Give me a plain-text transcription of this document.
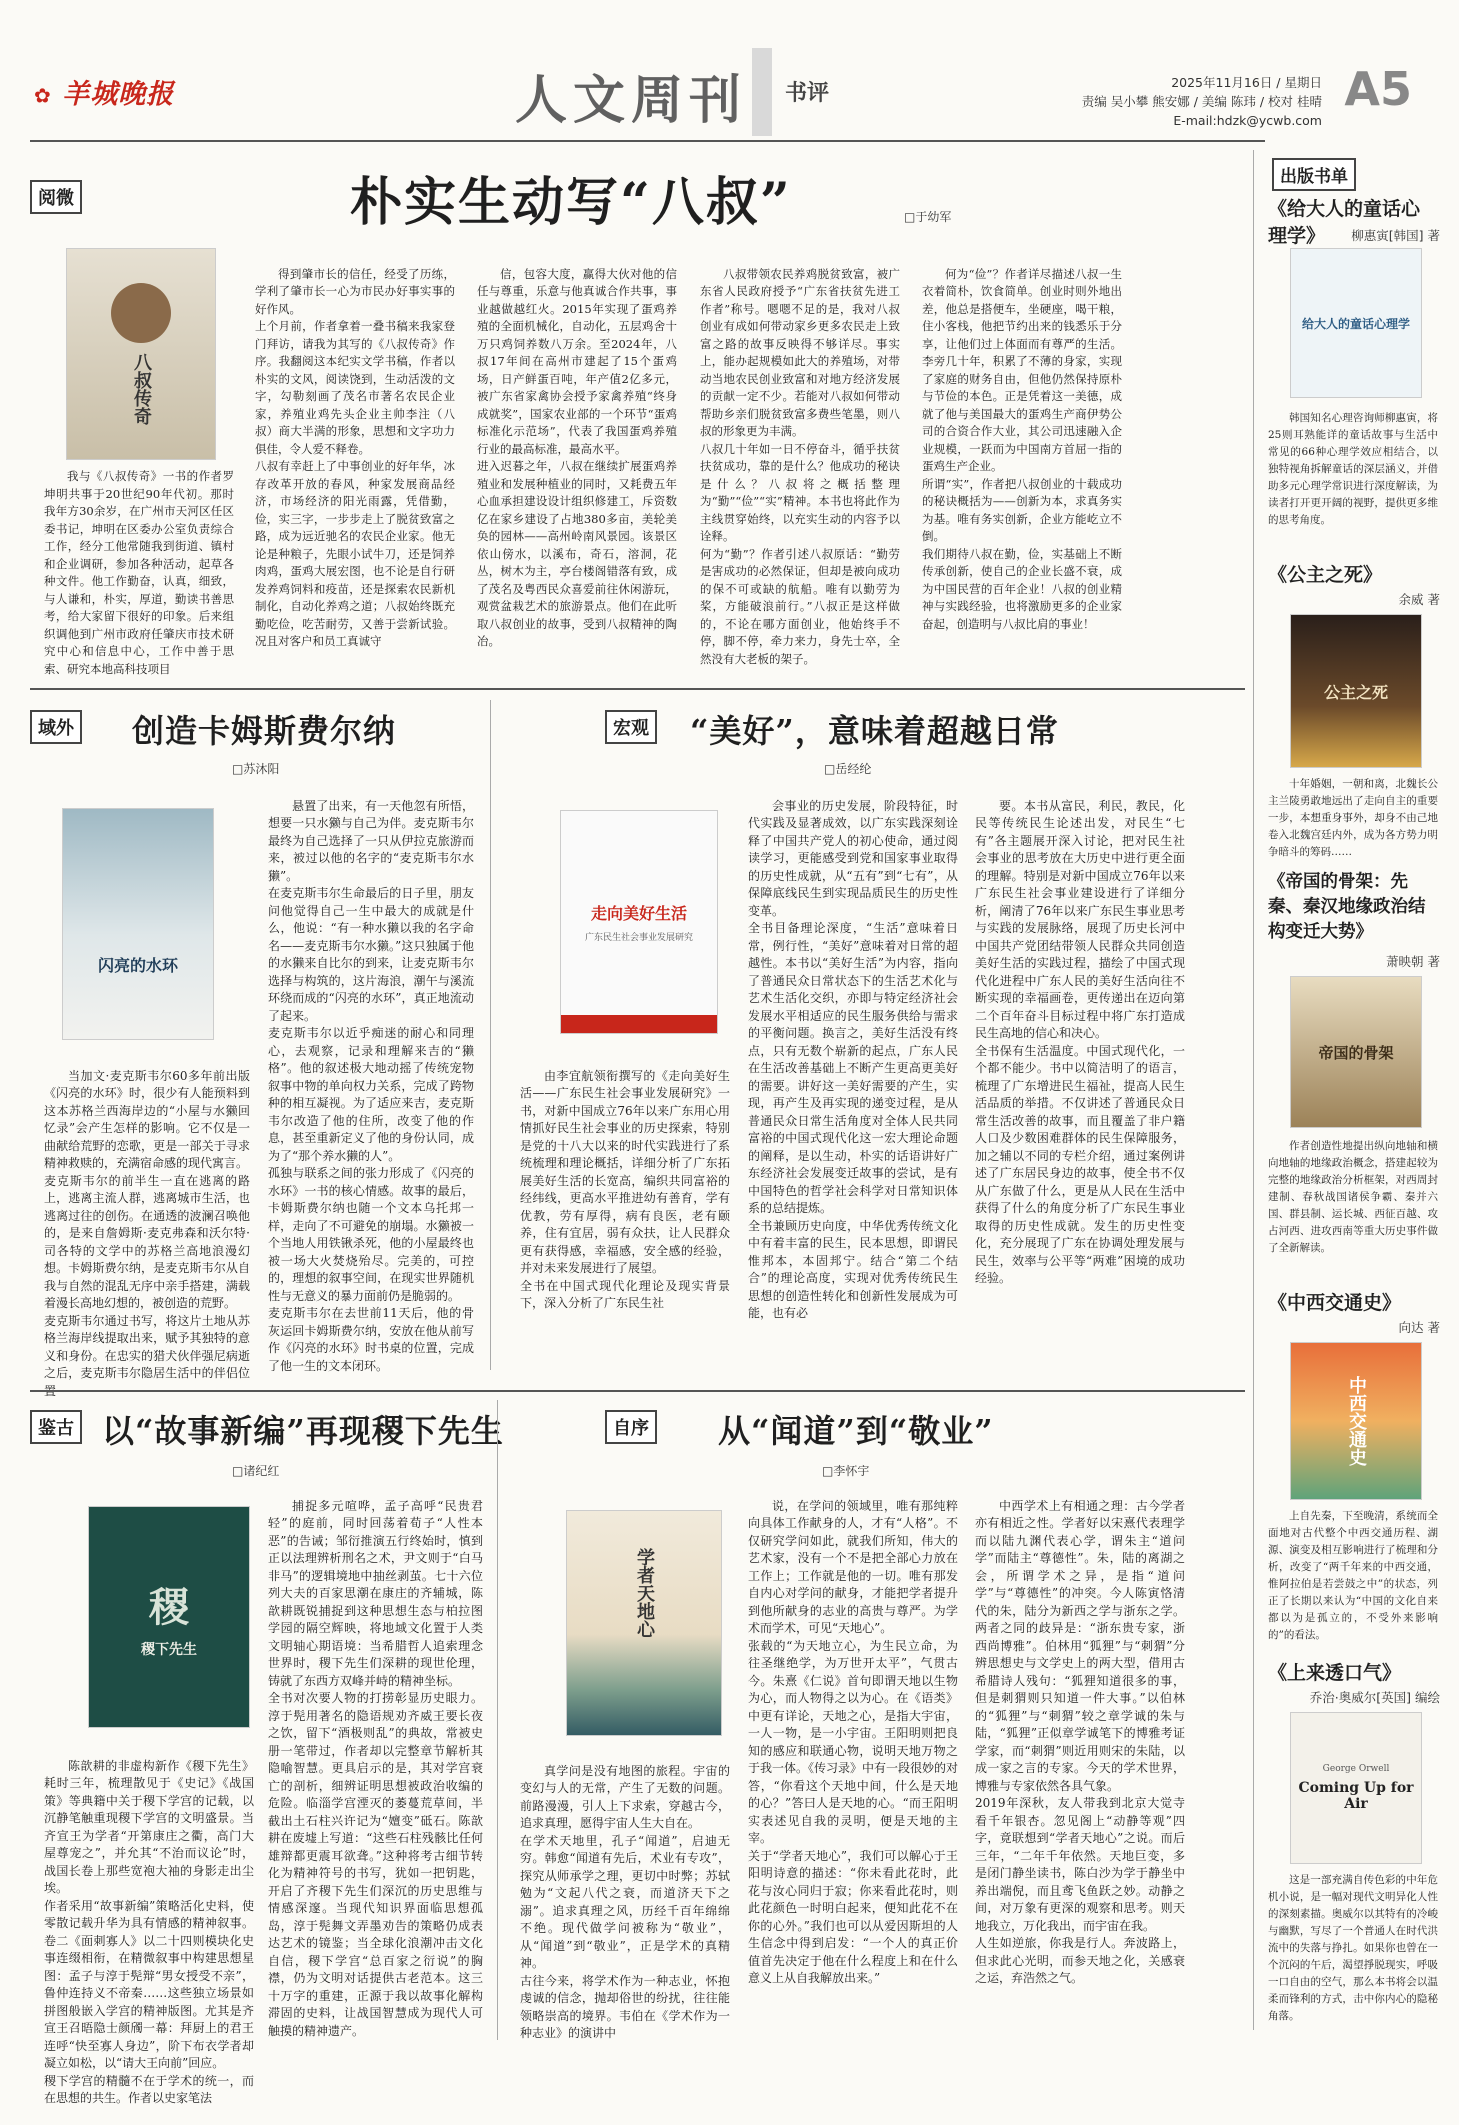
✿ 羊城晚报	人文周刊 书评	2025年11月16日 / 星期日
责编 吴小攀 熊安娜 / 美编 陈玮 / 校对 桂晴
E-mail:hdzk@ycwb.com
A5
阅微	朴实生动写“八叔”	□于幼军
八叔传奇

我与《八叔传奇》一书的作者罗坤明共事于20世纪90年代初。那时我年方30余岁，在广州市天河区任区委书记，坤明在区委办公室负责综合工作，经分工他常随我到街道、镇村和企业调研，参加各种活动，起草各种文件。他工作勤奋，认真，细致，与人谦和，朴实，厚道，勤读书善思考，给大家留下很好的印象。后来组织调他到广州市政府任肇庆市技术研究中心和信息中心，工作中善于思索、研究本地高科技项目

得到肇市长的信任，经受了历练，学利了肇市长一心为市民办好事实事的好作风。
上个月前，作者拿着一叠书稿来我家登门拜访，请我为其写的《八叔传奇》作序。我翻阅这本纪实文学书稿，作者以朴实的文风，阅读饶到，生动活泼的文字，勾勒刻画了茂名市著名农民企业家，养殖业鸡先头企业主帅李注（八叔）商大半满的形象，思想和文字功力俱佳，令人爱不释卷。
八叔有幸赶上了中事创业的好年华，冰存改革开放的春风，种家发展商品经济，市场经济的阳光雨露，凭借勤，俭，实三字，一步步走上了脱贫致富之路，成为远近驰名的农民企业家。他无论是种粮子，先眼小试牛刀，还是饲养肉鸡，蛋鸡大展宏图，也不论是自行研发养鸡饲料和疫苗，还是探索农民新机制化，自动化养鸡之道；八叔始终既充勤吃俭，吃苦耐劳，又善于尝新试验。况且对客户和员工真诚守

信，包容大度，赢得大伙对他的信任与尊重，乐意与他真诚合作共事，事业越做越红火。2015年实现了蛋鸡养殖的全面机械化，自动化，五层鸡舍十万只鸡饲养数八万余。至2024年，八叔17年间在高州市建起了15个蛋鸡场，日产鲜蛋百吨，年产值2亿多元，被广东省家禽协会授予家禽养殖“终身成就奖”，国家农业部的一个环节“蛋鸡标准化示范场”，代表了我国蛋鸡养殖行业的最高标准，最高水平。
进入迟暮之年，八叔在继续扩展蛋鸡养殖业和发展种植业的同时，又耗费五年心血承担建设设计组织修建工，斥资数亿在家乡建设了占地380多亩，美轮美奂的园林——高州岭南风景园。该景区依山傍水，以溪布，奇石，溶洞，花丛，树木为主，亭台楼阁错落有致，成了茂名及粤西民众喜爱前往休闲游玩，观赏盆栽艺术的旅游景点。他们在此听取八叔创业的故事，受到八叔精神的陶冶。

八叔带领农民养鸡脱贫致富，被广东省人民政府授予“广东省扶贫先进工作者”称号。嗯嗯不足的是，我对八叔创业有成如何带动家乡更多农民走上致富之路的故事反映得不够详尽。事实上，能办起规模如此大的养殖场，对带动当地农民创业致富和对地方经济发展的贡献一定不少。若能对八叔如何带动帮助乡亲们脱贫致富多费些笔墨，则八叔的形象更为丰满。
八叔几十年如一日不停奋斗，循乎扶贫扶贫成功，靠的是什么？他成功的秘诀是什么？八叔将之概括整理为“勤”“俭”“实”精神。本书也将此作为主线贯穿始终，以充实生动的内容予以诠释。
何为“勤”？作者引述八叔原话：“勤劳是害成功的必然保证，但却是被向成功的保不可或缺的航船。唯有以勤劳为桨，方能破浪前行。”八叔正是这样做的，不论在哪方面创业，他始终手不停，脚不停，牵力来力，身先士卒，全然没有大老板的架子。

何为“俭”？作者详尽描述八叔一生衣着简朴，饮食简单。创业时则外地出差，他总是搭便车，坐硬座，喝干粮，住小客栈，他把节约出来的钱悉乐于分享，让他们过上体面而有尊严的生活。李旁几十年，积累了不薄的身家，实现了家庭的财务自由，但他仍然保持原朴与节俭的本色。正是凭着这一美德，成就了他与美国最大的蛋鸡生产商伊势公司的合资合作大业，其公司迅速融入企业规模，一跃而为中国南方首屈一指的蛋鸡生产企业。
所谓“实”，作者把八叔创业的十载成功的秘诀概括为——创新为本，求真务实为基。唯有务实创新，企业方能屹立不倒。
我们期待八叔在勤，俭，实基础上不断传承创新，使自己的企业长盛不衰，成为中国民营的百年企业！八叔的创业精神与实践经验，也将激励更多的企业家奋起，创造明与八叔比肩的事业！

域外 创造卡姆斯费尔纳
□苏沐阳
闪亮的水环

当加文·麦克斯韦尔60多年前出版《闪亮的水环》时，很少有人能预料到这本苏格兰西海岸边的“小屋与水獭回忆录”会产生怎样的影响。它不仅是一曲献给荒野的恋歌，更是一部关于寻求精神救赎的，充满宿命感的现代寓言。
麦克斯韦尔的前半生一直在逃离的路上，逃离主流人群，逃离城市生活，也逃离过往的创伤。在通透的波澜召唤他的，是来自詹姆斯·麦克弗森和沃尔特·司各特的文学中的苏格兰高地浪漫幻想。卡姆斯费尔纳，是麦克斯韦尔从自我与自然的混乱无序中亲手搭建，满载着漫长高地幻想的，被创造的荒野。
麦克斯韦尔通过书写，将这片土地从苏格兰海岸线提取出来，赋予其独特的意义和身份。在忠实的猎犬伙伴强尼病逝之后，麦克斯韦尔隐居生活中的伴侣位置

悬置了出来，有一天他忽有所悟，想要一只水獭与自己为伴。麦克斯韦尔最终为自己选择了一只从伊拉克旅游而来，被过以他的名字的“麦克斯韦尔水獭”。
在麦克斯韦尔生命最后的日子里，朋友问他觉得自己一生中最大的成就是什么，他说：“有一种水獭以我的名字命名——麦克斯韦尔水獭。”这只独属于他的水獭来自比尔的到来，让麦克斯韦尔选择与构筑的，这片海浪，潮午与溪流环绕而成的“闪亮的水环”，真正地流动了起来。
麦克斯韦尔以近乎痴迷的耐心和同理心，去观察，记录和理解来吉的“獭格”。他的叙述极大地动摇了传统宠物叙事中物的单向权力关系，完成了跨物种的相互凝视。为了适应来吉，麦克斯韦尔改造了他的住所，改变了他的作息，甚至重新定义了他的身份认同，成为了“那个养水獭的人”。
孤独与联系之间的张力形成了《闪亮的水环》一书的核心情感。故事的最后，卡姆斯费尔纳也随一个文本乌托邦一样，走向了不可避免的崩塌。水獭被一个当地人用铁锹杀死，他的小屋最终也被一场大火焚烧殆尽。完美的，可控的，理想的叙事空间，在现实世界随机性与无意义的暴力面前仍是脆弱的。
麦克斯韦尔在去世前11天后，他的骨灰运回卡姆斯费尔纳，安放在他从前写作《闪亮的水环》时书桌的位置，完成了他一生的文本闭环。

宏观 “美好”，意味着超越日常
□岳经纶
走向美好生活
广东民生社会事业发展研究

由李宜航领衔撰写的《走向美好生活——广东民生社会事业发展研究》一书，对新中国成立76年以来广东用心用情抓好民生社会事业的历史探索，特别是党的十八大以来的时代实践进行了系统梳理和理论概括，详细分析了广东拓展美好生活的长宽高，编织共同富裕的经纬线，更高水平推进幼有善育，学有优教，劳有厚得，病有良医，老有颐养，住有宜居，弱有众扶，让人民群众更有获得感，幸福感，安全感的经验，并对未来发展进行了展望。
全书在中国式现代化理论及现实背景下，深入分析了广东民生社

会事业的历史发展，阶段特征，时代实践及显著成效，以广东实践深刻诠释了中国共产党人的初心使命，通过阅读学习，更能感受到党和国家事业取得的历史性成就，从“五有”到“七有”，从保障底线民生到实现品质民生的历史性变革。
全书目备理论深度，“生活”意味着日常，例行性，“美好”意味着对日常的超越性。本书以“美好生活”为内容，指向了普通民众日常状态下的生活艺术化与艺术生活化交织，亦即与特定经济社会发展水平相适应的民生服务供给与需求的平衡问题。换言之，美好生活没有终点，只有无数个崭新的起点，广东人民在生活改善基础上不断产生更高更美好的需要。讲好这一美好需要的产生，实现，再产生及再实现的递变过程，是从普通民众日常生活角度对全体人民共同富裕的中国式现代化这一宏大理论命题的阐释，是以生动，朴实的话语讲好广东经济社会发展变迁故事的尝试，是有中国特色的哲学社会科学对日常知识体系的总结提炼。
全书兼顾历史向度，中华优秀传统文化中有着丰富的民生，民本思想，即谓民惟邦本，本固邦宁。结合“第二个结合”的理论高度，实现对优秀传统民生思想的创造性转化和创新性发展成为可能，也有必

要。本书从富民，利民，教民，化民等传统民生论述出发，对民生“七有”各主题展开深入讨论，把对民生社会事业的思考放在大历史中进行更全面的理解。特别是对新中国成立76年以来广东民生社会事业建设进行了详细分析，阐清了76年以来广东民生事业思考与实践的发展脉络，展现了历史长河中中国共产党团结带领人民群众共同创造美好生活的实践过程，描绘了中国式现代化进程中广东人民的美好生活向往不断实现的幸福画卷，更传递出在迈向第二个百年奋斗目标过程中将广东打造成民生高地的信心和决心。
全书保有生活温度。中国式现代化，一个都不能少。书中以简洁明了的语言，梳理了广东增进民生福祉，提高人民生活品质的举措。不仅讲述了普通民众日常生活改善的故事，而且覆盖了非户籍人口及少数困难群体的民生保障服务，加之辅以不同的专栏介绍，通过案例讲述了广东居民身边的故事，使全书不仅从广东做了什么，更是从人民在生活中获得了什么的角度分析了广东民生事业取得的历史性成就。发生的历史性变化，充分展现了广东在协调处理发展与民生，效率与公平等“两难”困境的成功经验。

鉴古 以“故事新编”再现稷下先生
□诸纪红
稷
稷下先生

陈歆耕的非虚构新作《稷下先生》耗时三年，梳理散见于《史记》《战国策》等典籍中关于稷下学宫的记载，以沉静笔触重现稷下学宫的文明盛景。当齐宣王为学者“开第康庄之衢，高门大屋尊宠之”，并允其“不治而议论”时，战国长卷上那些宽袍大袖的身影走出尘埃。
作者采用“故事新编”策略活化史料，使零散记载升华为具有情感的精神叙事。卷二《面刺寡人》以二十四则模块化史事连缀相衔，在精微叙事中构建思想星图：孟子与淳于髡辩“男女授受不亲”，鲁仲连持义不帝秦……这些独立场景如拼图般嵌入学宫的精神版图。尤其是齐宣王召晤隐士颜斶一幕：拜厨上的君王连呼“快至寡人身边”，阶下布衣学者却凝立如松，以“请大王向前”回应。
稷下学宫的精髓不在于学术的统一，而在思想的共生。作者以史家笔法

捕捉多元喧哗，孟子高呼“民贵君轻”的庭前，同时回荡着荀子“人性本恶”的告诫；邹衍推演五行终始时，慎到正以法理辨析刑名之术，尹文则于“白马非马”的逻辑境地中抽丝剥茧。七十六位列大夫的百家思潮在康庄的齐辅城，陈歆耕既锐捕捉到这种思想生态与柏拉图学园的隔空辉映，将地域文化置于人类文明轴心期语境：当希腊哲人追索理念世界时，稷下先生们深耕的现世伦理，铸就了东西方双峰并峙的精神坐标。
全书对次要人物的打捞彰显历史眼力。淳于髡用著名的隐语规劝齐威王要长夜之饮，留下“酒极则乱”的典故，常被史册一笔带过，作者却以完整章节解析其隐喻智慧。更具启示的是，其对学宫衰亡的剖析，细辨证明思想被政治收编的危险。临淄学宫湮灭的萎蔓荒草间，半截出土石柱兴许记为“嬗变”砥石。陈歆耕在废墟上写道：“这些石柱残骸比任何雄辩都更震耳欲聋。”这种将考古细节转化为精神符号的书写，犹如一把钥匙，开启了齐稷下先生们深沉的历史思维与情感深邃。当现代知识界面临思想孤岛，淳于髡舞文弄墨劝告的策略仍成表达艺术的镜鉴；当全球化浪潮冲击文化自信，稷下学宫“总百家之衍说”的胸襟，仍为文明对话提供古老范本。这三十万字的重建，正源于我以故事化解构滞固的史料，让战国智慧成为现代人可触摸的精神遗产。

自序 从“闻道”到“敬业”
□李怀宇
学者天地心

真学问是没有地图的旅程。宇宙的变幻与人的无常，产生了无数的问题。前路漫漫，引人上下求索，穿越古今，追求真理，愿得宇宙人生大自在。
在学术天地里，孔子“闻道”，启迪无穷。韩愈“闻道有先后，术业有专攻”，探究从师承学之理，更切中时弊；苏轼勉为“文起八代之衰，而道济天下之溺”。追求真理之风，历经千百年绵绵不绝。现代做学问被称为“敬业”，从“闻道”到“敬业”，正是学术的真精神。
古往今来，将学术作为一种志业，怀抱虔诚的信念，抛却俗世的纷扰，往往能领略崇高的境界。韦伯在《学术作为一种志业》的演讲中

说，在学问的领域里，唯有那纯粹向具体工作献身的人，才有“人格”。不仅研究学问如此，就我们所知，伟大的艺术家，没有一个不是把全部心力放在工作上；工作就是他的一切。唯有那发自内心对学问的献身，才能把学者提升到他所献身的志业的高贵与尊严。为学术而学术，可见“天地心”。
张载的“为天地立心，为生民立命，为往圣继绝学，为万世开太平”，气贯古今。朱熹《仁说》首句即谓天地以生物为心，而人物得之以为心。在《语类》中更有详论，天地之心，是指大宇宙，一人一物，是一小宇宙。王阳明则把良知的感应和联通心物，说明天地万物之于我一体。《传习录》中有一段很妙的对答，“你看这个天地中间，什么是天地的心？”答曰人是天地的心。“而王阳明实表述见自我的灵明，便是天地的主宰。
关于“学者天地心”，我们可以解心于王阳明诗意的描述：“你未看此花时，此花与汝心同归于寂；你来看此花时，则此花颜色一时明白起来，便知此花不在你的心外。”我们也可以从爱因斯坦的人生信念中得到启发：“一个人的真正价值首先决定于他在什么程度上和在什么意义上从自我解放出来。”

中西学术上有相通之理：古今学者亦有相近之性。学者好以宋熹代表理学而以陆九渊代表心学，谓朱主“道问学”而陆主“尊德性”。朱，陆的离湖之会，所谓学术之异，是指“道问学”与“尊德性”的冲突。今人陈寅恪清代的朱，陆分为新西之学与浙东之学。两者之同的歧异是：“浙东贵专家，浙西尚博雅”。伯林用“狐狸”与“刺猬”分辨思想史与文学史上的两大型，借用古希腊诗人残句：“狐狸知道很多的事，但是刺猬则只知道一件大事。”以伯林的“狐狸”与“刺猬”较之章学诚的朱与陆，“狐狸”正似章学诚笔下的博雅考证学家，而“刺猬”则近用则宋的朱陆，以成一家之言的专家。今天的学术世界，博雅与专家依然各具气象。
2019年深秋，友人带我到北京大觉寺看千年银杏。忽见阁上“动静等观”四字，竟联想到“学者天地心”之说。而后三年，“二年千年依然。天地巨变，多是闭门静坐读书，陈白沙为学于静坐中养出端倪，而且鸢飞鱼跃之妙。动静之间，对万象有更深的观察和思考。则天地我立，万化我出，而宇宙在我。
人生如逆旅，你我是行人。奔波路上，但求此心光明，而参天地之化，关感衰之运，弃浩然之气。

出版书单
《给大人的童话心理学》	柳惠寅[韩国] 著
给大人的童话心理学

韩国知名心理咨询师柳惠寅，将25则耳熟能详的童话故事与生活中常见的66种心理学效应相结合，以独特视角拆解童话的深层涵义，并借助多元心理学常识进行深度解读，为读者打开更开阔的视野，提供更多维的思考角度。

《公主之死》
余威 著
公主之死

十年婚姻，一朝和离，北魏长公主兰陵勇敢地远出了走向自主的重要一步，本想重身事外，却身不由己地卷入北魏宫廷内外，成为各方势力明争暗斗的筹码……

《帝国的骨架：先秦、秦汉地缘政治结构变迁大势》
萧映朝 著
帝国的骨架

作者创造性地提出纵向地轴和横向地轴的地缘政治概念，搭建起较为完整的地缘政治分析框架，对西周封建制、春秋战国诸侯争霸、秦并六国、群县制、运长城、西征百越、攻占河西、进攻西南等重大历史事件做了全新解读。

《中西交通史》
向达 著
中西交通史

上自先秦，下至晚清，系统而全面地对古代整个中西交通历程、湖源、演变及相互影响进行了梳理和分析，改变了“两千年来的中西交通，惟阿拉伯是若尝鼓之中”的状态，列正了长期以来认为“中国的文化自来都以为是孤立的，不受外来影响的”的看法。

《上来透口气》
乔治·奥威尔[英国] 编绘
George Orwell
Coming Up for Air

这是一部充满自传色彩的中年危机小说，是一幅对现代文明异化人性的深刻素描。奥威尔以其特有的冷峻与幽默，写尽了一个普通人在时代洪流中的失落与挣扎。如果你也曾在一个沉闷的午后，渴望掙脱现实，呼吸一口自由的空气，那么本书将会以温柔而锋利的方式，击中你内心的隐秘角落。
